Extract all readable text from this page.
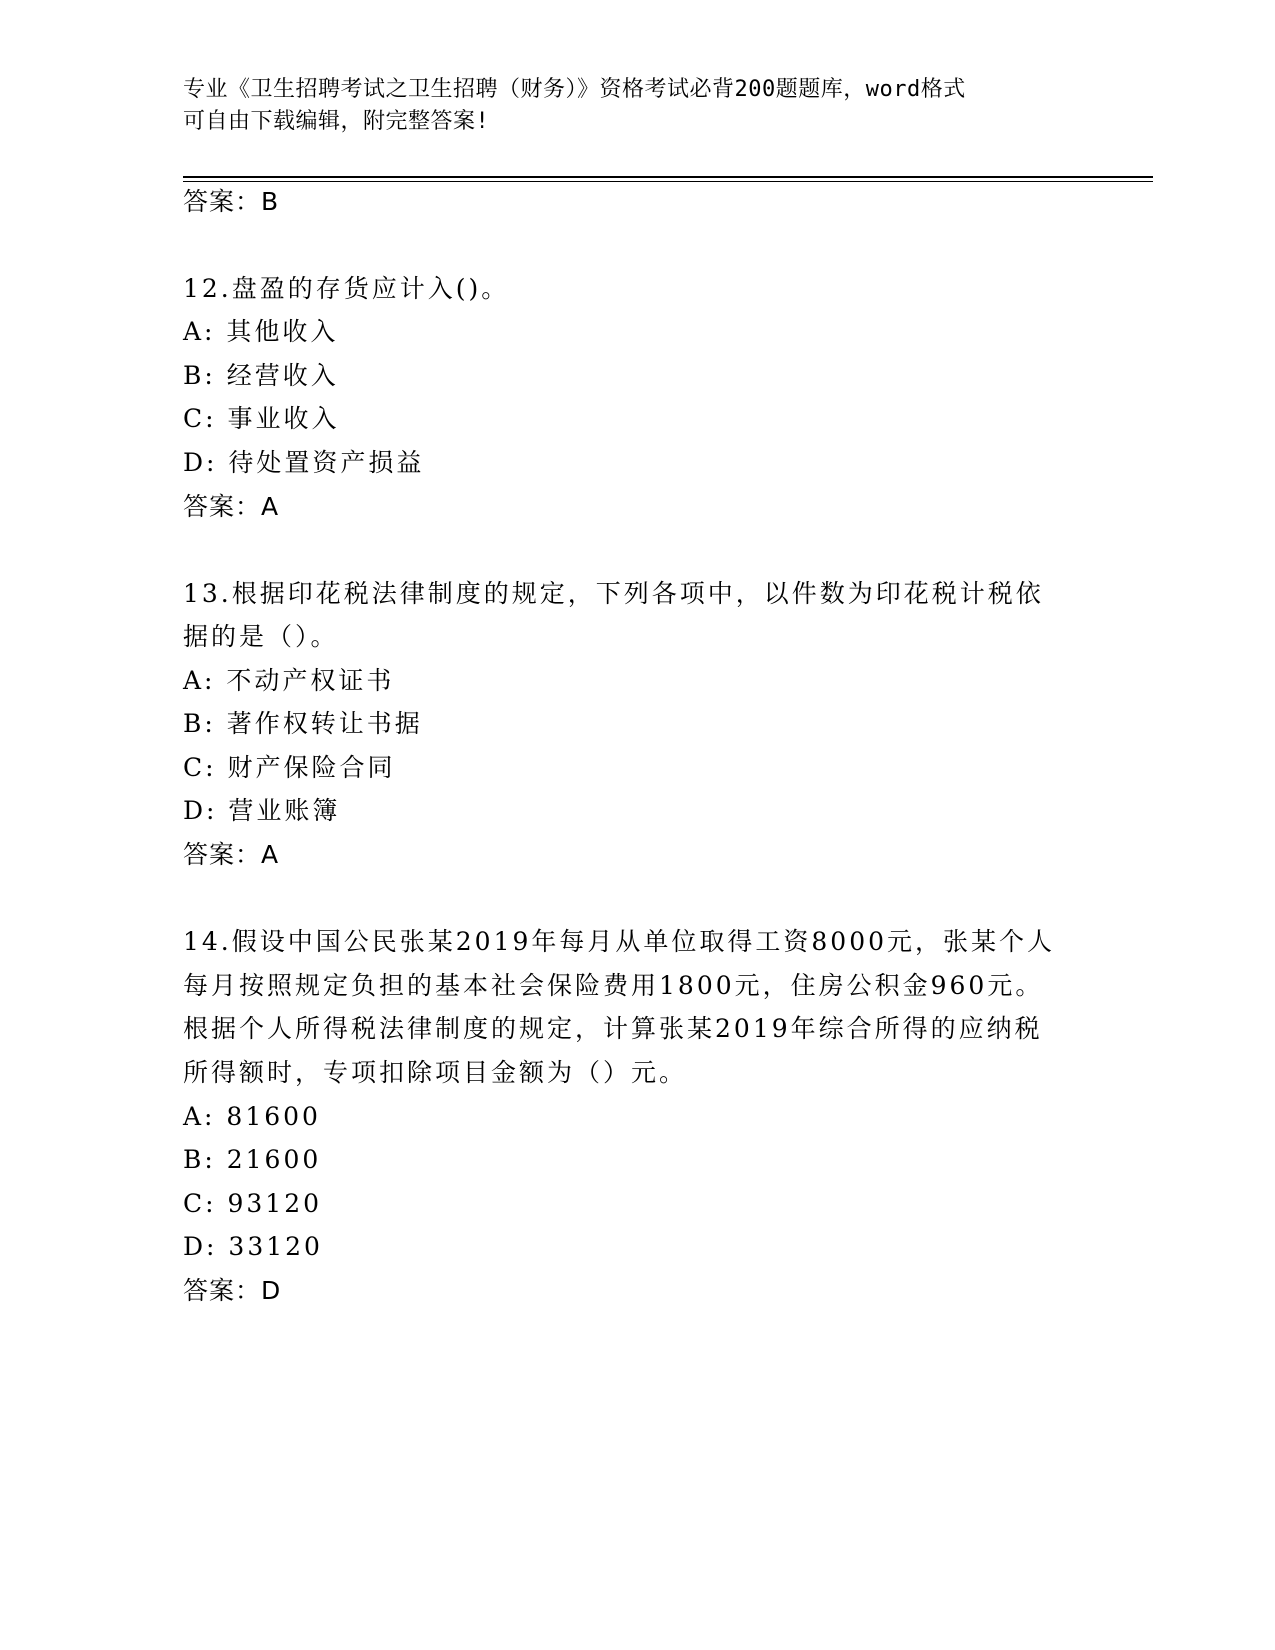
专业《卫生招聘考试之卫生招聘（财务）》资格考试必背200题题库，word格式
可自由下载编辑，附完整答案!
答案：B
12.盘盈的存货应计入()。
A: 其他收入
B: 经营收入
C: 事业收入
D: 待处置资产损益
答案：A
13.根据印花税法律制度的规定，下列各项中，以件数为印花税计税依
据的是（）。
A: 不动产权证书
B: 著作权转让书据
C: 财产保险合同
D: 营业账簿
答案：A
14.假设中国公民张某2019年每月从单位取得工资8000元，张某个人
每月按照规定负担的基本社会保险费用1800元，住房公积金960元。
根据个人所得税法律制度的规定，计算张某2019年综合所得的应纳税
所得额时，专项扣除项目金额为（）元。
A: 81600
B: 21600
C: 93120
D: 33120
答案：D
